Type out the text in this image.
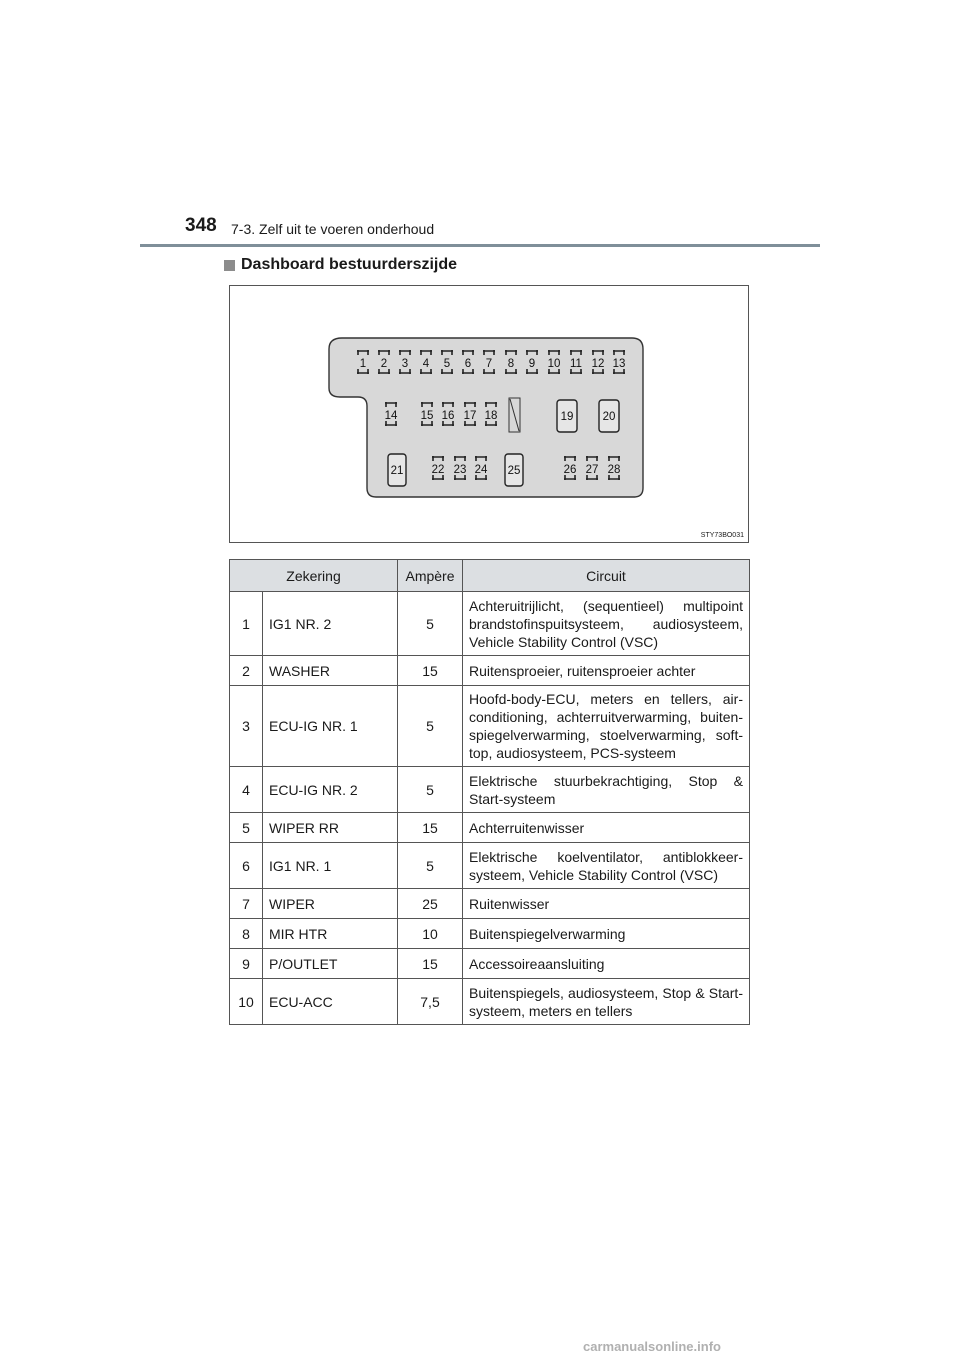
348 7-3. Zelf uit te voeren onderhoud
Dashboard bestuurderszijde
1 2 3 4 5 6 7 8 9 10 11 12 13
14 15 16 17 18	19	20
21 22 23 24 25	26 27 28
STY73BO031
Zekering		Ampère	Circuit
1	IG1 NR. 2	5	Achteruitrijlicht, (sequentieel) multipoint brandstofinspuitsysteem, audiosysteem, Vehicle Stability Control (VSC)
2	WASHER	15	Ruitensproeier, ruitensproeier achter
3	ECU-IG NR. 1	5	Hoofd-body-ECU, meters en tellers, air-conditioning, achterruitverwarming, buiten-spiegelverwarming, stoelverwarming, soft-top, audiosysteem, PCS-systeem
4	ECU-IG NR. 2	5	Elektrische stuurbekrachtiging, Stop & Start-systeem
5	WIPER RR	15	Achterruitenwisser
6	IG1 NR. 1	5	Elektrische koelventilator, antiblokkeer-systeem, Vehicle Stability Control (VSC)
7	WIPER	25	Ruitenwisser
8	MIR HTR	10	Buitenspiegelverwarming
9	P/OUTLET	15	Accessoireaansluiting
10	ECU-ACC	7,5	Buitenspiegels, audiosysteem, Stop & Start-systeem, meters en tellers
carmanualsonline.info
